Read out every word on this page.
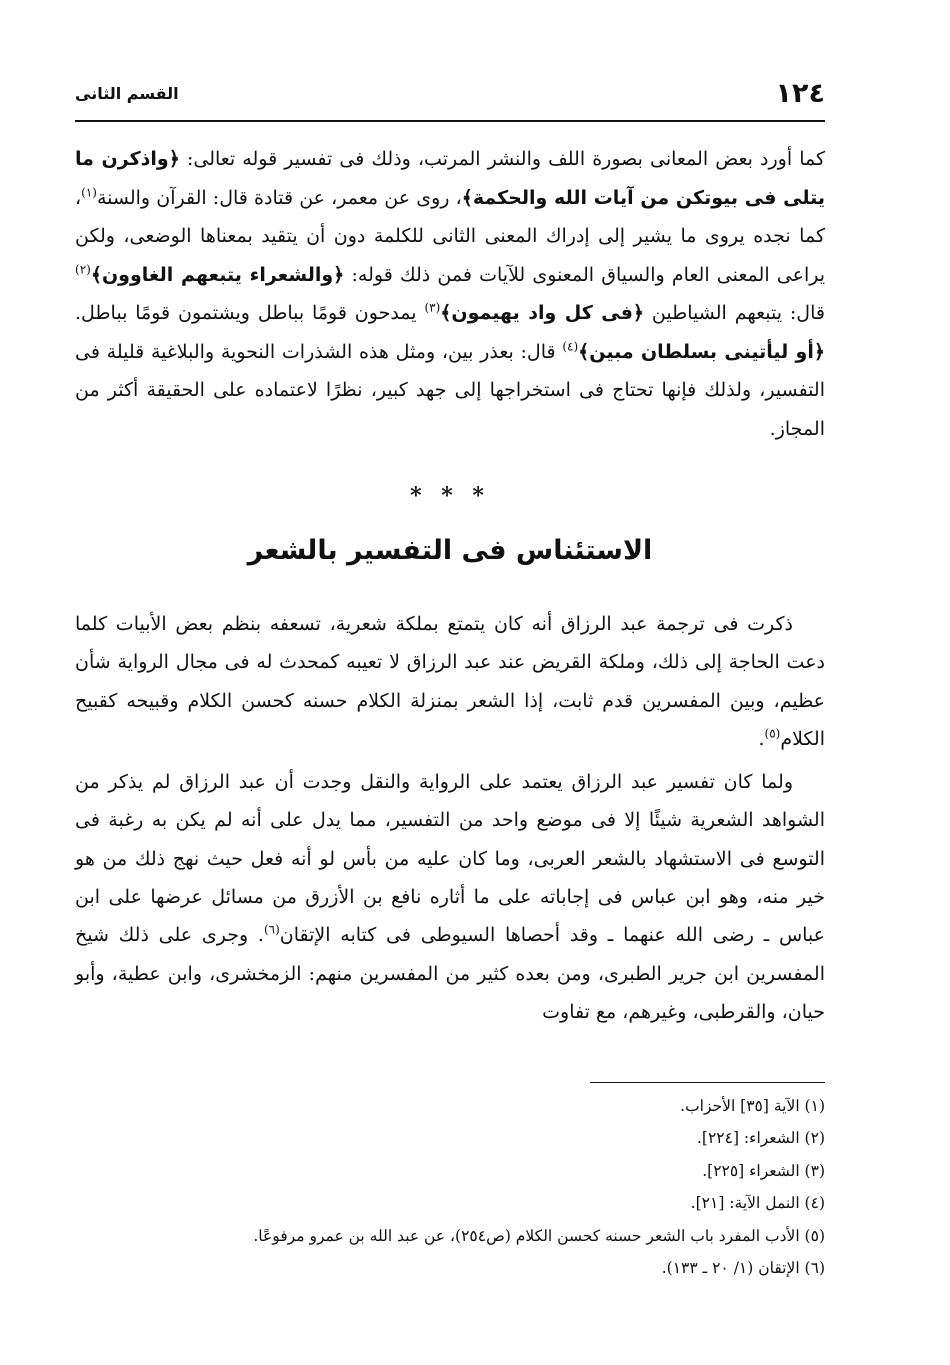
١٢٤
القسم الثانى

كما أورد بعض المعانى بصورة اللف والنشر المرتب، وذلك فى تفسير قوله تعالى: ﴿واذكرن ما يتلى فى بيوتكن من آيات الله والحكمة﴾، روى عن معمر، عن قتادة قال: القرآن والسنة$^{(١)}$، كما نجده يروى ما يشير إلى إدراك المعنى الثانى للكلمة دون أن يتقيد بمعناها الوضعى، ولكن يراعى المعنى العام والسياق المعنوى للآيات فمن ذلك قوله: ﴿والشعراء يتبعهم الغاوون﴾$^{(٢)}$ قال: يتبعهم الشياطين ﴿فى كل واد يهيمون﴾$^{(٣)}$ يمدحون قومًا بباطل ويشتمون قومًا بباطل. ﴿أو ليأتينى بسلطان مبين﴾$^{(٤)}$ قال: بعذر بين، ومثل هذه الشذرات النحوية والبلاغية قليلة فى التفسير، ولذلك فإنها تحتاج فى استخراجها إلى جهد كبير، نظرًا لاعتماده على الحقيقة أكثر من المجاز.

* * *
الاستئناس فى التفسير بالشعر

ذكرت فى ترجمة عبد الرزاق أنه كان يتمتع بملكة شعرية، تسعفه بنظم بعض الأبيات كلما دعت الحاجة إلى ذلك، وملكة القريض عند عبد الرزاق لا تعيبه كمحدث له فى مجال الرواية شأن عظيم، وبين المفسرين قدم ثابت، إذا الشعر بمنزلة الكلام حسنه كحسن الكلام وقبيحه كقبيح الكلام$^{(٥)}$.

ولما كان تفسير عبد الرزاق يعتمد على الرواية والنقل وجدت أن عبد الرزاق لم يذكر من الشواهد الشعرية شيئًا إلا فى موضع واحد من التفسير، مما يدل على أنه لم يكن به رغبة فى التوسع فى الاستشهاد بالشعر العربى، وما كان عليه من بأس لو أنه فعل حيث نهج ذلك من هو خير منه، وهو ابن عباس فى إجاباته على ما أثاره نافع بن الأزرق من مسائل عرضها على ابن عباس ـ رضى الله عنهما ـ وقد أحصاها السيوطى فى كتابه الإتقان$^{(٦)}$. وجرى على ذلك شيخ المفسرين ابن جرير الطبرى، ومن بعده كثير من المفسرين منهم: الزمخشرى، وابن عطية، وأبو حيان، والقرطبى، وغيرهم، مع تفاوت

(١) الآية [٣٥] الأحزاب.
(٢) الشعراء: [٢٢٤].
(٣) الشعراء [٢٢٥].
(٤) النمل الآية: [٢١].
(٥) الأدب المفرد باب الشعر حسنه كحسن الكلام (ص٢٥٤)، عن عبد الله بن عمرو مرفوعًا.
(٦) الإتقان (١/ ٢٠ ـ ١٣٣).
